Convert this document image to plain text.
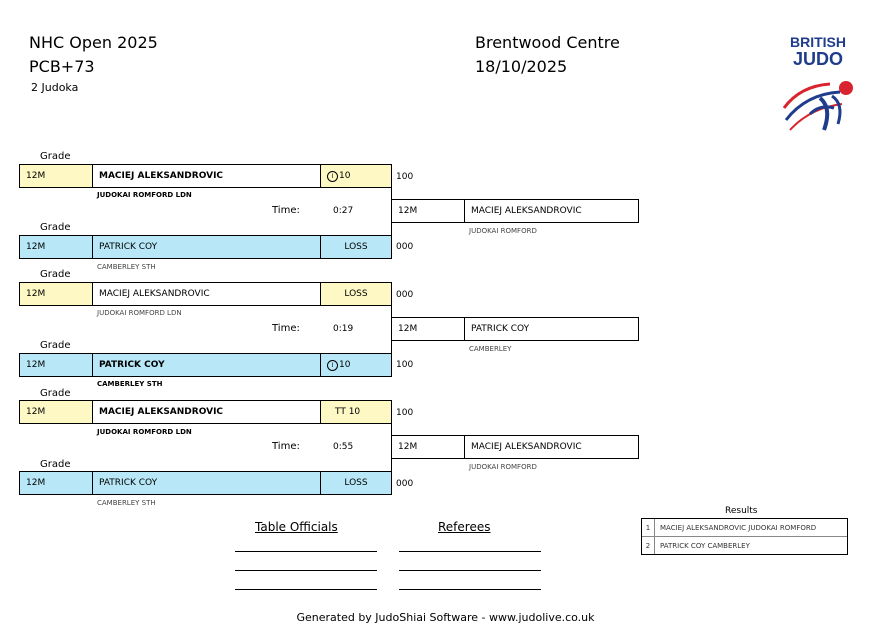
NHC Open 2025
PCB+73
2 Judoka
Brentwood Centre
18/10/2025
BRITISH
JUDO
Grade
12M	MACIEJ ALEKSANDROVIC	I 10	100
JUDOKAI ROMFORD LDN
Time:	0:27
Grade
12M	PATRICK COY	LOSS	000
CAMBERLEY STH
12M	MACIEJ ALEKSANDROVIC
JUDOKAI ROMFORD
Grade
12M	MACIEJ ALEKSANDROVIC	LOSS	000
JUDOKAI ROMFORD LDN
Time:	0:19
Grade
12M	PATRICK COY	I 10	100
CAMBERLEY STH
12M	PATRICK COY
CAMBERLEY
Grade
12M	MACIEJ ALEKSANDROVIC	TT 10	100
JUDOKAI ROMFORD LDN
Time:	0:55
Grade
12M	PATRICK COY	LOSS	000
CAMBERLEY STH
12M	MACIEJ ALEKSANDROVIC
JUDOKAI ROMFORD
Results
1	MACIEJ ALEKSANDROVIC JUDOKAI ROMFORD
2	PATRICK COY CAMBERLEY
Table Officials	Referees
Generated by JudoShiai Software - www.judolive.co.uk
